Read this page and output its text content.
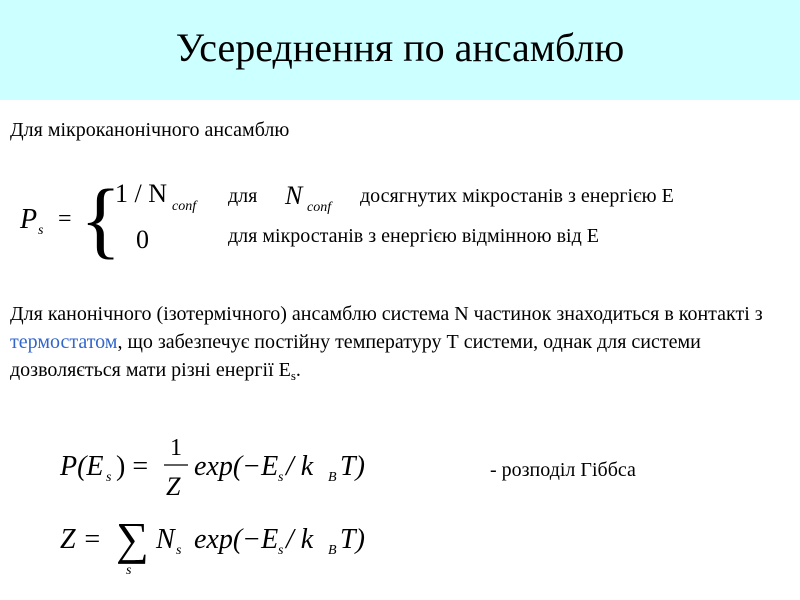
Усереднення по ансамблю
Для мікроканонічного ансамблю
P s = {
1 / N conf
0
для N conf
досягнутих мікростанів з енергією Е
для мікростанів з енергією відмінною від Е
Для канонічного (ізотермічного) ансамблю система N частинок знаходиться в контакті з термостатом, що забезпечує постійну температуру Т системи, однак для системи дозволяється мати різні енергії $E_s$.
P(E s ) =
1
Z
exp(−E s / k B T)	- розподіл Гіббса
Z = ∑
s
N s exp(−E s / k B T)
